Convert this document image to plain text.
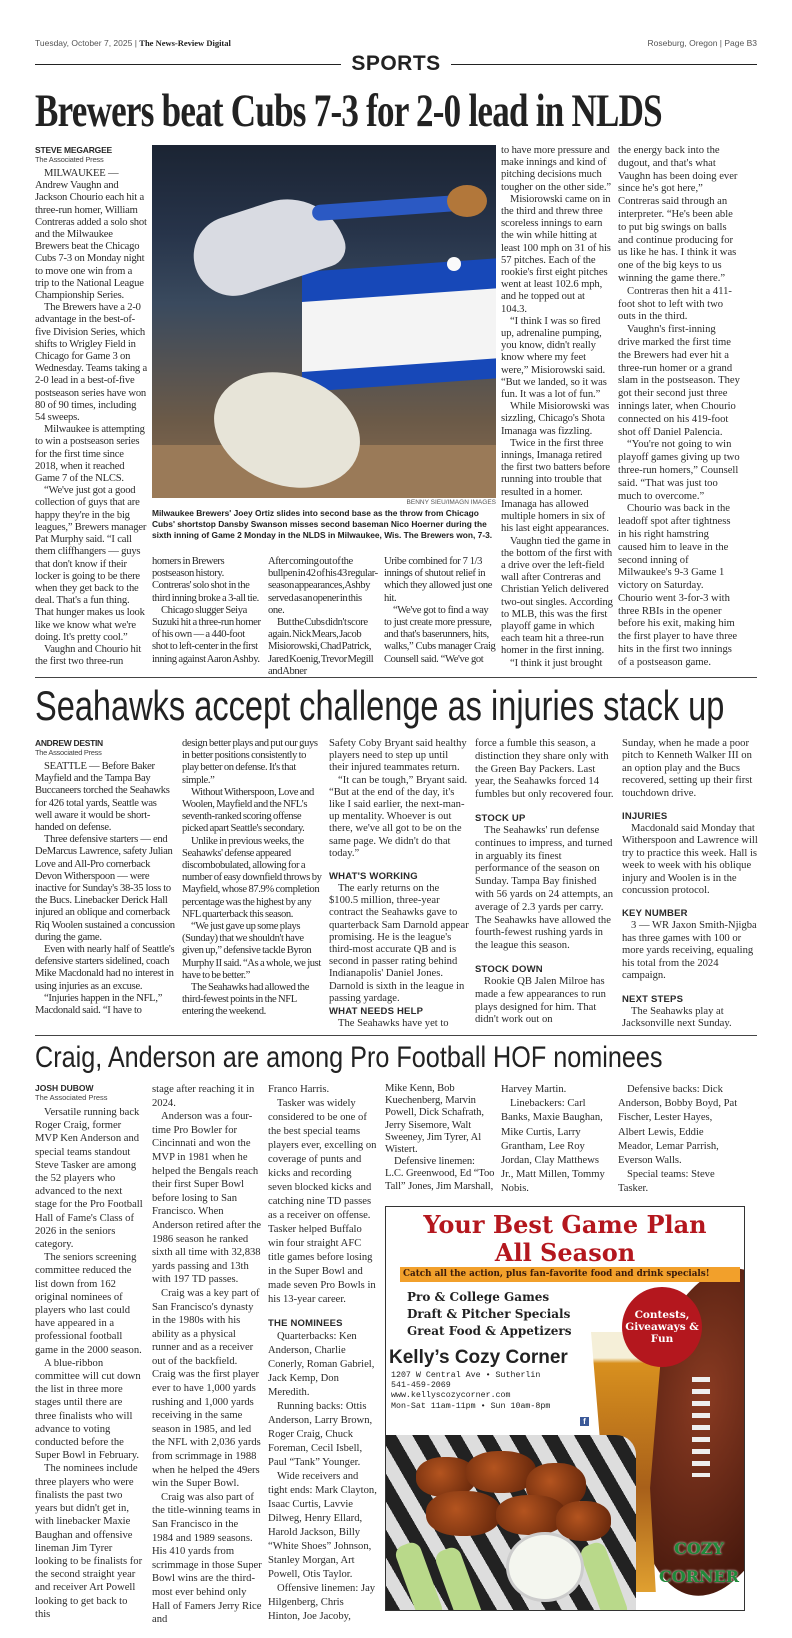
Tuesday, October 7, 2025 | The News-Review Digital	Roseburg, Oregon | Page B3
SPORTS
Brewers beat Cubs 7-3 for 2-0 lead in NLDS
STEVE MEGARGEE
The Associated Press

MILWAUKEE — Andrew Vaughn and Jackson Chourio each hit a three-run homer, William Contreras added a solo shot and the Milwaukee Brewers beat the Chicago Cubs 7-3 on Monday night to move one win from a trip to the National League Championship Series.

The Brewers have a 2-0 advantage in the best-of-five Division Series, which shifts to Wrigley Field in Chicago for Game 3 on Wednesday. Teams taking a 2-0 lead in a best-of-five postseason series have won 80 of 90 times, including 54 sweeps.

Milwaukee is attempting to win a postseason series for the first time since 2018, when it reached Game 7 of the NLCS.

“We've just got a good collection of guys that are happy they're in the big leagues,” Brewers manager Pat Murphy said. “I call them cliffhangers — guys that don't know if their locker is going to be there when they get back to the deal. That's a fun thing. That hunger makes us look like we know what we're doing. It's pretty cool.”

Vaughn and Chourio hit the first two three-run

BENNY SIEU/IMAGN IMAGES
Milwaukee Brewers' Joey Ortiz slides into second base as the throw from Chicago Cubs' shortstop Dansby Swanson misses second baseman Nico Hoerner during the sixth inning of Game 2 Monday in the NLDS in Milwaukee, Wis. The Brewers won, 7-3.

homers in Brewers postseason history. Contreras' solo shot in the third inning broke a 3-all tie.

Chicago slugger Seiya Suzuki hit a three-run homer of his own — a 440-foot shot to left-center in the first inning against Aaron Ashby.

After coming out of the bullpen in 42 of his 43 regular-season appearances, Ashby served as an opener in this one.

But the Cubs didn't score again. Nick Mears, Jacob Misiorowski, Chad Patrick, Jared Koenig, Trevor Megill and Abner

Uribe combined for 7 1/3 innings of shutout relief in which they allowed just one hit.

“We've got to find a way to just create more pressure, and that's baserunners, hits, walks,” Cubs manager Craig Counsell said. “We've got

to have more pressure and make innings and kind of pitching decisions much tougher on the other side.”

Misiorowski came on in the third and threw three scoreless innings to earn the win while hitting at least 100 mph on 31 of his 57 pitches. Each of the rookie's first eight pitches went at least 102.6 mph, and he topped out at 104.3.

“I think I was so fired up, adrenaline pumping, you know, didn't really know where my feet were,” Misiorowski said. “But we landed, so it was fun. It was a lot of fun.”

While Misiorowski was sizzling, Chicago's Shota Imanaga was fizzling.

Twice in the first three innings, Imanaga retired the first two batters before running into trouble that resulted in a homer. Imanaga has allowed multiple homers in six of his last eight appearances.

Vaughn tied the game in the bottom of the first with a drive over the left-field wall after Contreras and Christian Yelich delivered two-out singles. According to MLB, this was the first playoff game in which each team hit a three-run homer in the first inning.

“I think it just brought

the energy back into the dugout, and that's what Vaughn has been doing ever since he's got here,” Contreras said through an interpreter. “He's been able to put big swings on balls and continue producing for us like he has. I think it was one of the big keys to us winning the game there.”

Contreras then hit a 411-foot shot to left with two outs in the third.

Vaughn's first-inning drive marked the first time the Brewers had ever hit a three-run homer or a grand slam in the postseason. They got their second just three innings later, when Chourio connected on his 419-foot shot off Daniel Palencia.

“You're not going to win playoff games giving up two three-run homers,” Counsell said. “That was just too much to overcome.”

Chourio was back in the leadoff spot after tightness in his right hamstring caused him to leave in the second inning of Milwaukee's 9-3 Game 1 victory on Saturday. Chourio went 3-for-3 with three RBIs in the opener before his exit, making him the first player to have three hits in the first two innings of a postseason game.

Seahawks accept challenge as injuries stack up
ANDREW DESTIN
The Associated Press

SEATTLE — Before Baker Mayfield and the Tampa Bay Buccaneers torched the Seahawks for 426 total yards, Seattle was well aware it would be short-handed on defense.

Three defensive starters — end DeMarcus Lawrence, safety Julian Love and All-Pro cornerback Devon Witherspoon — were inactive for Sunday's 38-35 loss to the Bucs. Linebacker Derick Hall injured an oblique and cornerback Riq Woolen sustained a concussion during the game.

Even with nearly half of Seattle's defensive starters sidelined, coach Mike Macdonald had no interest in using injuries as an excuse.

“Injuries happen in the NFL,” Macdonald said. “I have to

design better plays and put our guys in better positions consistently to play better on defense. It's that simple.”

Without Witherspoon, Love and Woolen, Mayfield and the NFL's seventh-ranked scoring offense picked apart Seattle's secondary.

Unlike in previous weeks, the Seahawks' defense appeared discombobulated, allowing for a number of easy downfield throws by Mayfield, whose 87.9% completion percentage was the highest by any NFL quarterback this season.

“We just gave up some plays (Sunday) that we shouldn't have given up,” defensive tackle Byron Murphy II said. “As a whole, we just have to be better.”

The Seahawks had allowed the third-fewest points in the NFL entering the weekend.

Safety Coby Bryant said healthy players need to step up until their injured teammates return.

“It can be tough,” Bryant said. “But at the end of the day, it's like I said earlier, the next-man-up mentality. Whoever is out there, we've all got to be on the same page. We didn't do that today.”

WHAT'S WORKING

The early returns on the $100.5 million, three-year contract the Seahawks gave to quarterback Sam Darnold appear promising. He is the league's third-most accurate QB and is second in passer rating behind Indianapolis' Daniel Jones. Darnold is sixth in the league in passing yardage.

WHAT NEEDS HELP

The Seahawks have yet to

force a fumble this season, a distinction they share only with the Green Bay Packers. Last year, the Seahawks forced 14 fumbles but only recovered four.

STOCK UP

The Seahawks' run defense continues to impress, and turned in arguably its finest performance of the season on Sunday. Tampa Bay finished with 56 yards on 24 attempts, an average of 2.3 yards per carry. The Seahawks have allowed the fourth-fewest rushing yards in the league this season.

STOCK DOWN

Rookie QB Jalen Milroe has made a few appearances to run plays designed for him. That didn't work out on

Sunday, when he made a poor pitch to Kenneth Walker III on an option play and the Bucs recovered, setting up their first touchdown drive.

INJURIES

Macdonald said Monday that Witherspoon and Lawrence will try to practice this week. Hall is week to week with his oblique injury and Woolen is in the concussion protocol.

KEY NUMBER

3 — WR Jaxon Smith-Njigba has three games with 100 or more yards receiving, equaling his total from the 2024 campaign.

NEXT STEPS

The Seahawks play at Jacksonville next Sunday.

Craig, Anderson are among Pro Football HOF nominees
JOSH DUBOW
The Associated Press

Versatile running back Roger Craig, former MVP Ken Anderson and special teams standout Steve Tasker are among the 52 players who advanced to the next stage for the Pro Football Hall of Fame's Class of 2026 in the seniors category.

The seniors screening committee reduced the list down from 162 original nominees of players who last could have appeared in a professional football game in the 2000 season.

A blue-ribbon committee will cut down the list in three more stages until there are three finalists who will advance to voting conducted before the Super Bowl in February.

The nominees include three players who were finalists the past two years but didn't get in, with linebacker Maxie Baughan and offensive lineman Jim Tyrer looking to be finalists for the second straight year and receiver Art Powell looking to get back to this

stage after reaching it in 2024.

Anderson was a four-time Pro Bowler for Cincinnati and won the MVP in 1981 when he helped the Bengals reach their first Super Bowl before losing to San Francisco. When Anderson retired after the 1986 season he ranked sixth all time with 32,838 yards passing and 13th with 197 TD passes.

Craig was a key part of San Francisco's dynasty in the 1980s with his ability as a physical runner and as a receiver out of the backfield. Craig was the first player ever to have 1,000 yards rushing and 1,000 yards receiving in the same season in 1985, and led the NFL with 2,036 yards from scrimmage in 1988 when he helped the 49ers win the Super Bowl.

Craig was also part of the title-winning teams in San Francisco in the 1984 and 1989 seasons. His 410 yards from scrimmage in those Super Bowl wins are the third-most ever behind only Hall of Famers Jerry Rice and

Franco Harris.

Tasker was widely considered to be one of the best special teams players ever, excelling on coverage of punts and kicks and recording seven blocked kicks and catching nine TD passes as a receiver on offense. Tasker helped Buffalo win four straight AFC title games before losing in the Super Bowl and made seven Pro Bowls in his 13-year career.

THE NOMINEES

Quarterbacks: Ken Anderson, Charlie Conerly, Roman Gabriel, Jack Kemp, Don Meredith.

Running backs: Ottis Anderson, Larry Brown, Roger Craig, Chuck Foreman, Cecil Isbell, Paul “Tank” Younger.

Wide receivers and tight ends: Mark Clayton, Isaac Curtis, Lavvie Dilweg, Henry Ellard, Harold Jackson, Billy “White Shoes” Johnson, Stanley Morgan, Art Powell, Otis Taylor.

Offensive linemen: Jay Hilgenberg, Chris Hinton, Joe Jacoby,

Mike Kenn, Bob Kuechenberg, Marvin Powell, Dick Schafrath, Jerry Sisemore, Walt Sweeney, Jim Tyrer, Al Wistert.

Defensive linemen: L.C. Greenwood, Ed “Too Tall” Jones, Jim Marshall,

Harvey Martin.

Linebackers: Carl Banks, Maxie Baughan, Mike Curtis, Larry Grantham, Lee Roy Jordan, Clay Matthews Jr., Matt Millen, Tommy Nobis.

Defensive backs: Dick Anderson, Bobby Boyd, Pat Fischer, Lester Hayes, Albert Lewis, Eddie Meador, Lemar Parrish, Everson Walls.

Special teams: Steve Tasker.

COZY
CORNER
Your Best Game Plan
All Season
Catch all the action, plus fan-favorite food and drink specials!
Pro & College Games
Draft & Pitcher Specials
Great Food & Appetizers
Contests, Giveaways & Fun
Kelly’s Cozy Corner
1207 W Central Ave • Sutherlin
541-459-2069
www.kellyscozycorner.com
Mon-Sat 11am-11pm • Sun 10am-8pm
f
